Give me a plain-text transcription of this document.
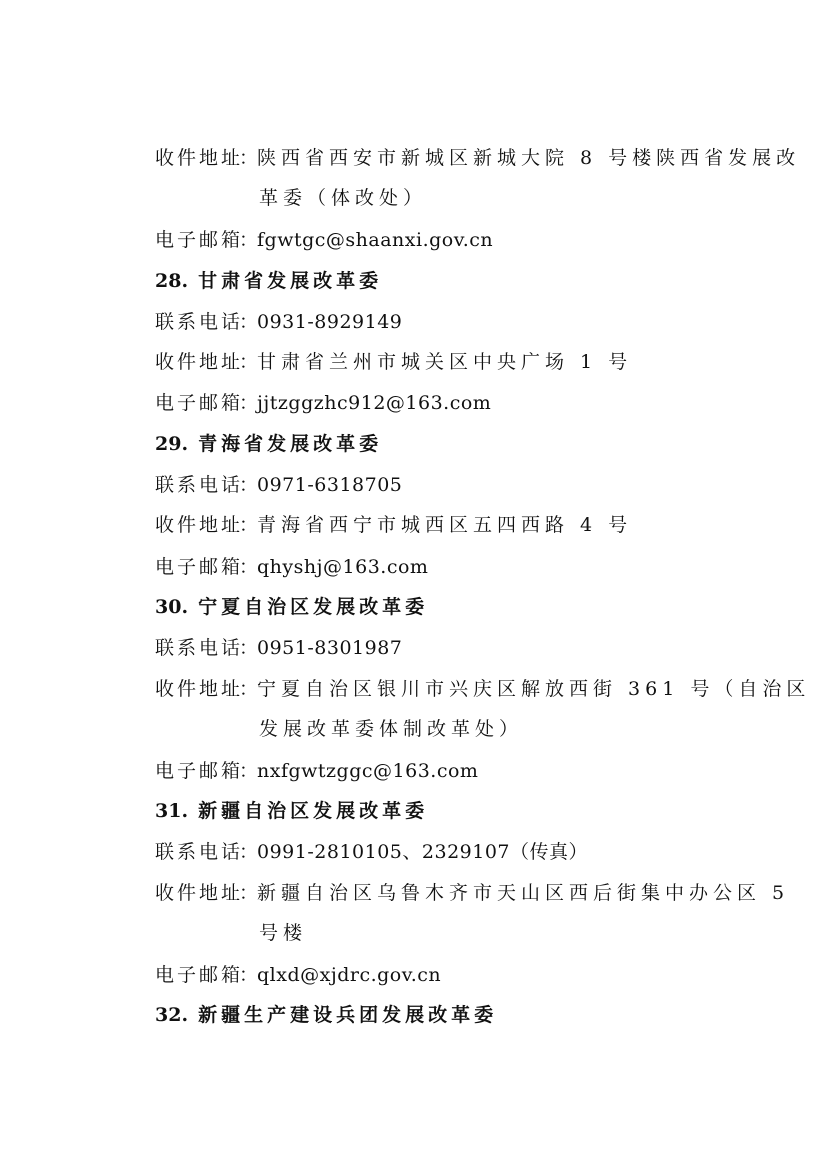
收件地址：陕西省西安市新城区新城大院 8 号楼陕西省发展改
革委（体改处）
电子邮箱：fgwtgc@shaanxi.gov.cn
28. 甘肃省发展改革委
联系电话：0931-8929149
收件地址：甘肃省兰州市城关区中央广场 1 号
电子邮箱：jjtzggzhc912@163.com
29. 青海省发展改革委
联系电话：0971-6318705
收件地址：青海省西宁市城西区五四西路 4 号
电子邮箱：qhyshj@163.com
30. 宁夏自治区发展改革委
联系电话：0951-8301987
收件地址：宁夏自治区银川市兴庆区解放西街 361 号（自治区
发展改革委体制改革处）
电子邮箱：nxfgwtzggc@163.com
31. 新疆自治区发展改革委
联系电话：0991-2810105、2329107（传真）
收件地址：新疆自治区乌鲁木齐市天山区西后街集中办公区 5
号楼
电子邮箱：qlxd@xjdrc.gov.cn
32. 新疆生产建设兵团发展改革委
